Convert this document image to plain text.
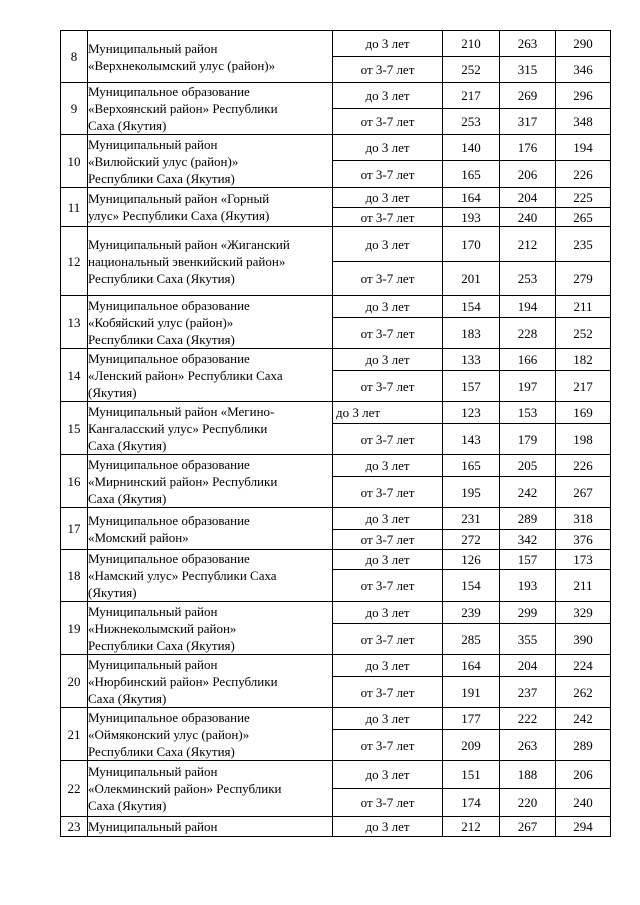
8	Муниципальный район
«Верхнеколымский улус (район)»	до 3 лет	210	263	290
		от 3-7 лет	252	315	346
9	Муниципальное образование
«Верхоянский район» Республики
Саха (Якутия)	до 3 лет	217	269	296
		от 3-7 лет	253	317	348
10	Муниципальный район
«Вилюйский улус (район)»
Республики Саха (Якутия)	до 3 лет	140	176	194
		от 3-7 лет	165	206	226
11	Муниципальный район «Горный
улус» Республики Саха (Якутия)	до 3 лет	164	204	225
		от 3-7 лет	193	240	265
12	Муниципальный район «Жиганский
национальный эвенкийский район»
Республики Саха (Якутия)	до 3 лет	170	212	235
		от 3-7 лет	201	253	279
13	Муниципальное образование
«Кобяйский улус (район)»
Республики Саха (Якутия)	до 3 лет	154	194	211
		от 3-7 лет	183	228	252
14	Муниципальное образование
«Ленский район» Республики Саха
(Якутия)	до 3 лет	133	166	182
		от 3-7 лет	157	197	217
15	Муниципальный район «Мегино-
Кангаласский улус» Республики
Саха (Якутия)	до 3 лет	123	153	169
		от 3-7 лет	143	179	198
16	Муниципальное образование
«Мирнинский район» Республики
Саха (Якутия)	до 3 лет	165	205	226
		от 3-7 лет	195	242	267
17	Муниципальное образование
«Момский район»	до 3 лет	231	289	318
		от 3-7 лет	272	342	376
18	Муниципальное образование
«Намский улус» Республики Саха
(Якутия)	до 3 лет	126	157	173
		от 3-7 лет	154	193	211
19	Муниципальный район
«Нижнеколымский район»
Республики Саха (Якутия)	до 3 лет	239	299	329
		от 3-7 лет	285	355	390
20	Муниципальный район
«Нюрбинский район» Республики
Саха (Якутия)	до 3 лет	164	204	224
		от 3-7 лет	191	237	262
21	Муниципальное образование
«Оймяконский улус (район)»
Республики Саха (Якутия)	до 3 лет	177	222	242
		от 3-7 лет	209	263	289
22	Муниципальный район
«Олекминский район» Республики
Саха (Якутия)	до 3 лет	151	188	206
		от 3-7 лет	174	220	240
23	Муниципальный район	до 3 лет	212	267	294
